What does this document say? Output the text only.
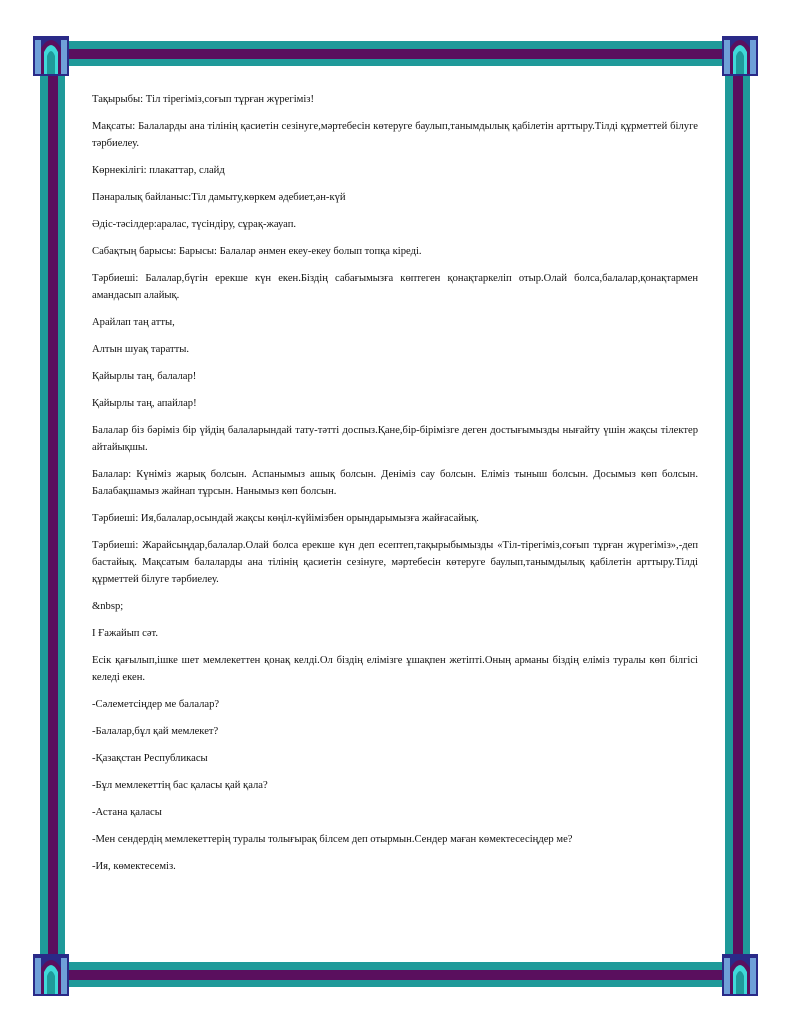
Тақырыбы: Тіл тірегіміз,соғып тұрған жүрегіміз!

Мақсаты: Балаларды ана тілінің қасиетін сезінуге,мәртебесін көтеруге баулып,танымдылық қабілетін арттыру.Тілді құрметтей білуге тәрбиелеу.

Көрнекілігі: плакаттар, слайд

Пәнаралық байланыс:Тіл дамыту,көркем әдебиет,ән-күй

Әдіс-тәсілдер:аралас, түсіндіру, сұрақ-жауап.

Сабақтың барысы: Барысы: Балалар әнмен екеу-екеу болып топқа кіреді.

Тәрбиеші: Балалар,бүгін ерекше күн екен.Біздің сабағымызға көптеген қонақтаркеліп отыр.Олай болса,балалар,қонақтармен амандасып алайық.

Арайлап таң атты,

Алтын шуақ таратты.

Қайырлы таң, балалар!

Қайырлы таң, апайлар!

Балалар біз бәріміз бір үйдің балаларындай тату-тәтті доспыз.Қане,бір-бірімізге деген достығымызды нығайту үшін жақсы тілектер айтайықшы.

Балалар: Күніміз жарық болсын. Аспанымыз ашық болсын. Деніміз сау болсын. Еліміз тыныш болсын. Досымыз көп болсын. Балабақшамыз жайнап тұрсын. Нанымыз көп болсын.

Тәрбиеші: Ия,балалар,осындай жақсы көңіл-күйімізбен орындарымызға жайғасайық.

Тәрбиеші: Жарайсыңдар,балалар.Олай болса ерекше күн деп есептеп,тақырыбымызды «Тіл-тірегіміз,соғып тұрған жүрегіміз»,-деп бастайық. Мақсатым балаларды ана тілінің қасиетін сезінуге, мәртебесін көтеруге баулып,танымдылық қабілетін арттыру.Тілді құрметтей білуге тәрбиелеу.

&nbsp;

І Ғажайып сәт.

Есік қағылып,ішке шет мемлекеттен қонақ келді.Ол біздің елімізге ұшақпен жетіпті.Оның арманы біздің еліміз туралы көп білгісі келеді екен.

-Сәлеметсіңдер ме балалар?

-Балалар,бұл қай мемлекет?

-Қазақстан Республикасы

-Бұл мемлекеттің бас қаласы қай қала?

-Астана қаласы

-Мен сендердің мемлекеттерің туралы толығырақ білсем деп отырмын.Сендер маған көмектесесіңдер ме?

-Ия, көмектесеміз.
